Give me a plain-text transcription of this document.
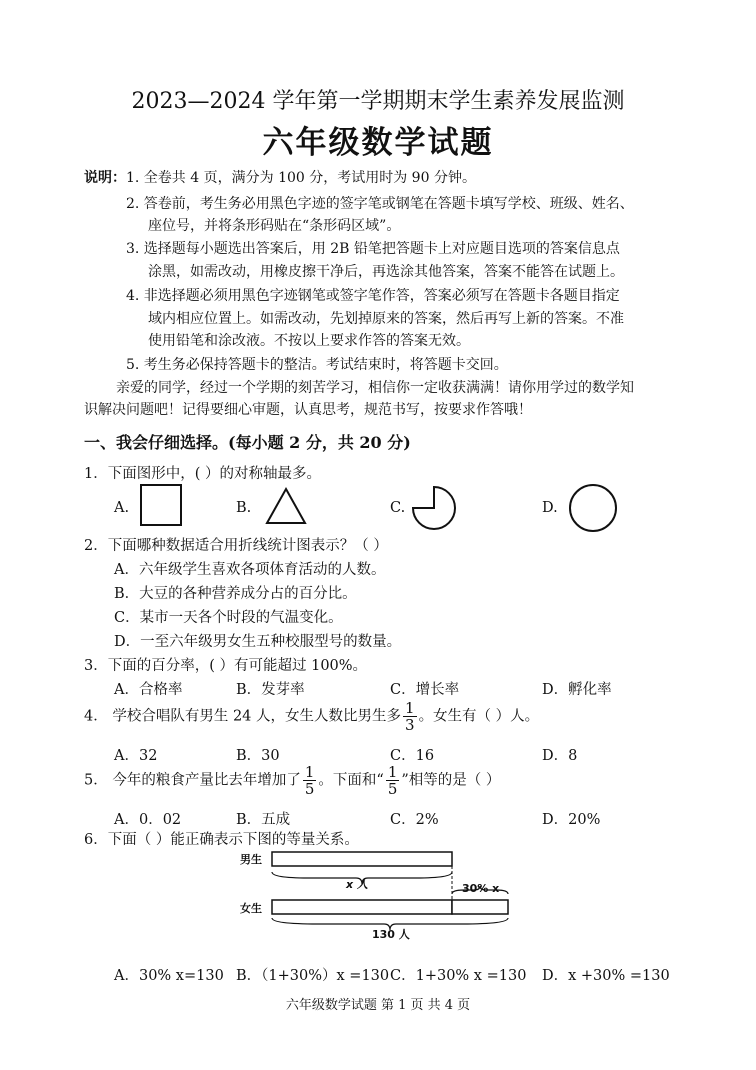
2023—2024 学年第一学期期末学生素养发展监测
六年级数学试题
说明： 1. 全卷共 4 页，满分为 100 分，考试用时为 90 分钟。
2. 答卷前，考生务必用黑色字迹的签字笔或钢笔在答题卡填写学校、班级、姓名、
座位号，并将条形码贴在“条形码区域”。
3. 选择题每小题选出答案后，用 2B 铅笔把答题卡上对应题目选项的答案信息点
涂黑，如需改动，用橡皮擦干净后，再选涂其他答案，答案不能答在试题上。
4. 非选择题必须用黑色字迹钢笔或签字笔作答，答案必须写在答题卡各题目指定
域内相应位置上。如需改动，先划掉原来的答案，然后再写上新的答案。不准
使用铅笔和涂改液。不按以上要求作答的答案无效。
5. 考生务必保持答题卡的整洁。考试结束时，将答题卡交回。
亲爱的同学，经过一个学期的刻苦学习，相信你一定收获满满！请你用学过的数学知
识解决问题吧！记得要细心审题，认真思考，规范书写，按要求作答哦！
一、我会仔细选择。(每小题 2 分，共 20 分)
1．下面图形中，( ）的对称轴最多。
A.	B.	C.	D.
2．下面哪种数据适合用折线统计图表示？（ ）
A．六年级学生喜欢各项体育活动的人数。
B．大豆的各种营养成分占的百分比。
C．某市一天各个时段的气温变化。
D．一至六年级男女生五种校服型号的数量。
3．下面的百分率，( ）有可能超过 100%。
A．合格率	B．发芽率	C．增长率	D．孵化率
4． 学校合唱队有男生 24 人，女生人数比男生多 $\frac{1}{3}$ 。女生有（ ）人。
A．32	B．30	C．16	D．8
5． 今年的粮食产量比去年增加了 $\frac{1}{5}$ 。下面和“ $\frac{1}{5}$ ”相等的是（ ）
A．0．02	B．五成	C．2%	D．20%
6．下面（ ）能正确表示下图的等量关系。
男生
女生
x 人	30% x
130 人
A．30% x=130 B．（1+30%）x =130 C．1+30% x =130 D．x +30% =130
六年级数学试题 第 1 页 共 4 页
